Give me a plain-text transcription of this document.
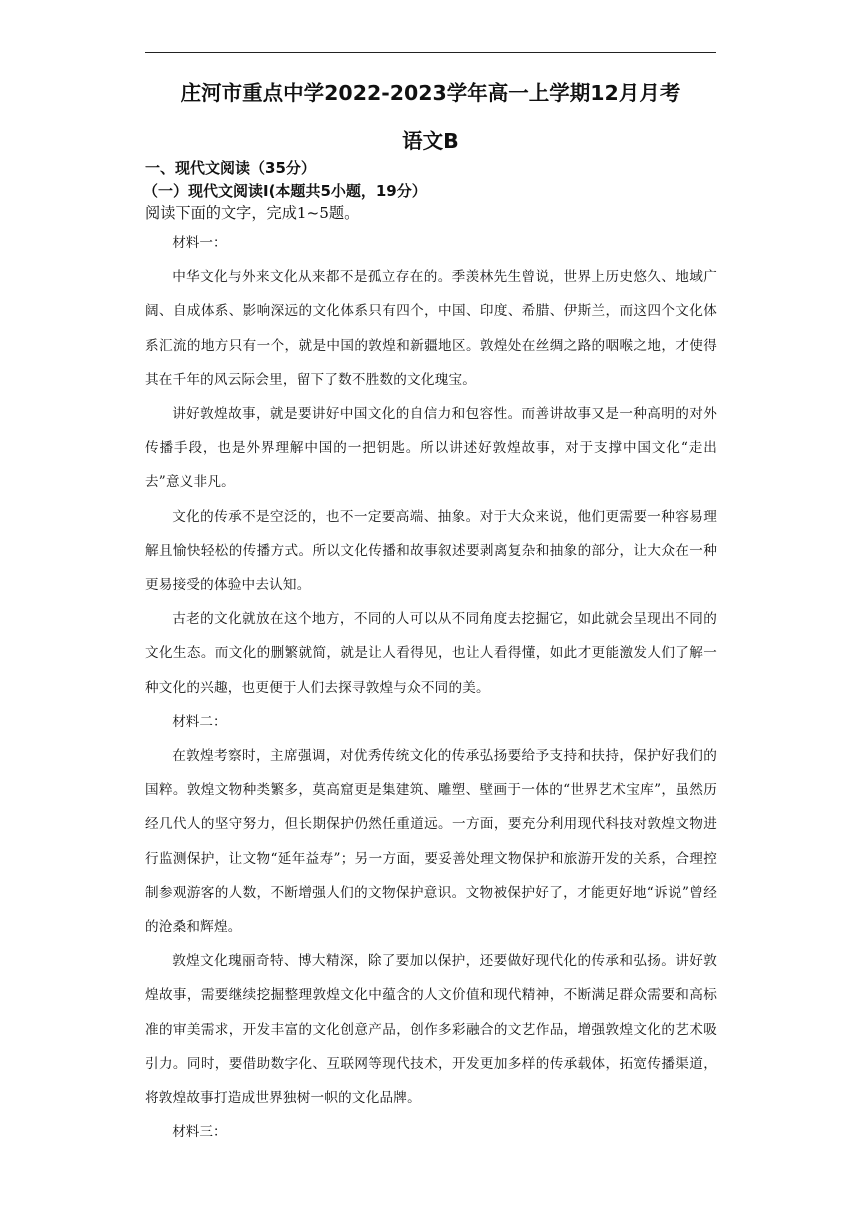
庄河市重点中学2022-2023学年高一上学期12月月考
语文B
一、现代文阅读（35分）
（一）现代文阅读Ⅰ(本题共5小题，19分）

阅读下面的文字，完成1~5题。

材料一：

中华文化与外来文化从来都不是孤立存在的。季羡林先生曾说，世界上历史悠久、地域广阔、自成体系、影响深远的文化体系只有四个，中国、印度、希腊、伊斯兰，而这四个文化体系汇流的地方只有一个，就是中国的敦煌和新疆地区。敦煌处在丝绸之路的咽喉之地，才使得其在千年的风云际会里，留下了数不胜数的文化瑰宝。

讲好敦煌故事，就是要讲好中国文化的自信力和包容性。而善讲故事又是一种高明的对外传播手段，也是外界理解中国的一把钥匙。所以讲述好敦煌故事，对于支撑中国文化“走出去”意义非凡。

文化的传承不是空泛的，也不一定要高端、抽象。对于大众来说，他们更需要一种容易理解且愉快轻松的传播方式。所以文化传播和故事叙述要剥离复杂和抽象的部分，让大众在一种更易接受的体验中去认知。

古老的文化就放在这个地方，不同的人可以从不同角度去挖掘它，如此就会呈现出不同的文化生态。而文化的删繁就简，就是让人看得见，也让人看得懂，如此才更能激发人们了解一种文化的兴趣，也更便于人们去探寻敦煌与众不同的美。

材料二：

在敦煌考察时，主席强调，对优秀传统文化的传承弘扬要给予支持和扶持，保护好我们的国粹。敦煌文物种类繁多，莫高窟更是集建筑、雕塑、壁画于一体的“世界艺术宝库”，虽然历经几代人的坚守努力，但长期保护仍然任重道远。一方面，要充分利用现代科技对敦煌文物进行监测保护，让文物“延年益寿”；另一方面，要妥善处理文物保护和旅游开发的关系，合理控制参观游客的人数，不断增强人们的文物保护意识。文物被保护好了，才能更好地“诉说”曾经的沧桑和辉煌。

敦煌文化瑰丽奇特、博大精深，除了要加以保护，还要做好现代化的传承和弘扬。讲好敦煌故事，需要继续挖掘整理敦煌文化中蕴含的人文价值和现代精神，不断满足群众需要和高标准的审美需求，开发丰富的文化创意产品，创作多彩融合的文艺作品，增强敦煌文化的艺术吸引力。同时，要借助数字化、互联网等现代技术，开发更加多样的传承载体，拓宽传播渠道，将敦煌故事打造成世界独树一帜的文化品牌。

材料三：
